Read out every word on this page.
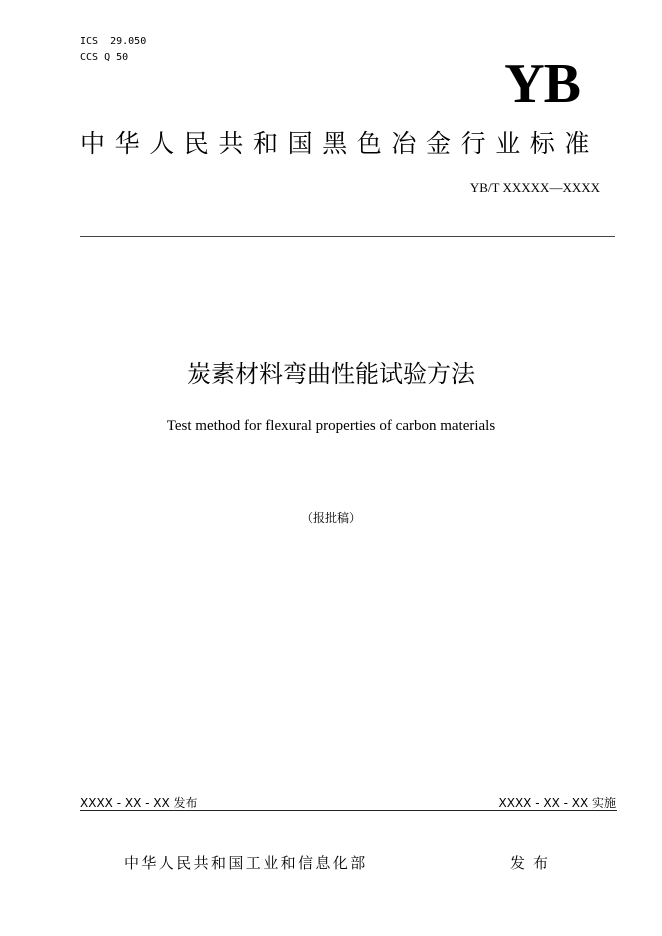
ICS  29.050
CCS Q 50	YB
中华人民共和国黑色冶金行业标准
YB/T XXXXX—XXXX
炭素材料弯曲性能试验方法
Test method for flexural properties of carbon materials
（报批稿）
XXXX - XX - XX 发布	XXXX - XX - XX 实施
中华人民共和国工业和信息化部	发布
